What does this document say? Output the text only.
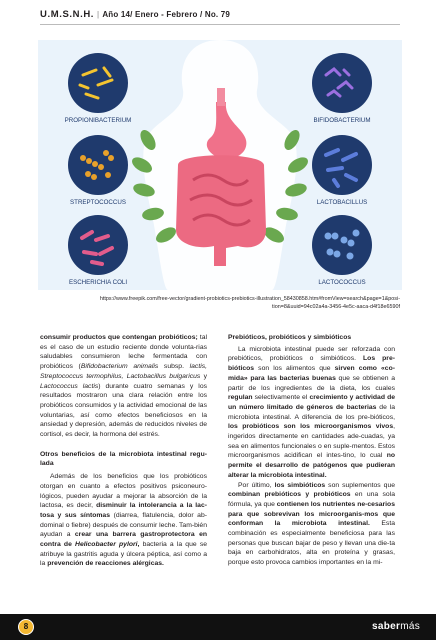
U.M.S.N.H. | Año 14/ Enero - Febrero / No. 79
PROPIONIBACTERIUM	BIFIDOBACTERIUM
STREPTOCOCCUS	LACTOBACILLUS
ESCHERICHIA COLI	LACTOCOCCUS
https://www.freepik.com/free-vector/gradient-probiotics-prebiotics-illustration_58430858.htm#fromView=search&page=1&posi-
tion=8&uuid=94c02a4a-3456-4e5c-aaca-d4f18e6590f

consumir productos que contengan probióticos; tal es el caso de un estudio reciente donde volunta-rias saludables consumieron leche fermentada con probióticos (Bifidobacterium animalis subsp. lactis, Streptococcus termophilus, Lactobacillus bulgaricus y Lactococcus lactis) durante cuatro semanas y los resultados mostraron una clara relación entre los probióticos consumidos y la actividad emocional de las voluntarias, así como efectos beneficiosos en la ansiedad y depresión, además de reducidos niveles de cortisol, es decir, la hormona del estrés.

Otros beneficios de la microbiota intestinal regu-lada

Además de los beneficios que los probióticos otorgan en cuanto a efectos positivos psiconeuro-lógicos, pueden ayudar a mejorar la absorción de la lactosa, es decir, disminuir la intolerancia a la lac-tosa y sus síntomas (diarrea, flatulencia, dolor ab-dominal o fiebre) después de consumir leche. Tam-bién ayudan a crear una barrera gastroprotectora en contra de Helicobacter pylori, bacteria a la que se atribuye la gastritis aguda y úlcera péptica, así como a la prevención de reacciones alérgicas.

Prebióticos, probióticos y simbióticos

La microbiota intestinal puede ser reforzada con prebióticos, probióticos o simbióticos. Los pre-bióticos son los alimentos que sirven como «co-mida» para las bacterias buenas que se obtienen a partir de los ingredientes de la dieta, los cuales regulan selectivamente el crecimiento y actividad de un número limitado de géneros de bacterias de la microbiota intestinal. A diferencia de los pre-bióticos, los probióticos son los microorganismos vivos, ingeridos directamente en cantidades ade-cuadas, ya sea en alimentos funcionales o en suple-mentos. Estos microorganismos acidifican el intes-tino, lo cual no permite el desarrollo de patógenos que pudieran alterar la microbiota intestinal.

Por último, los simbióticos son suplementos que combinan prebióticos y probióticos en una sola fórmula, ya que contienen los nutrientes ne-cesarios para que sobrevivan los microorganis-mos que conforman la microbiota intestinal. Esta combinación es especialmente beneficiosa para las personas que buscan bajar de peso y llevan una die-ta baja en carbohidratos, alta en proteína y grasas, porque esto provoca cambios importantes en la mi-

8	sabermás
